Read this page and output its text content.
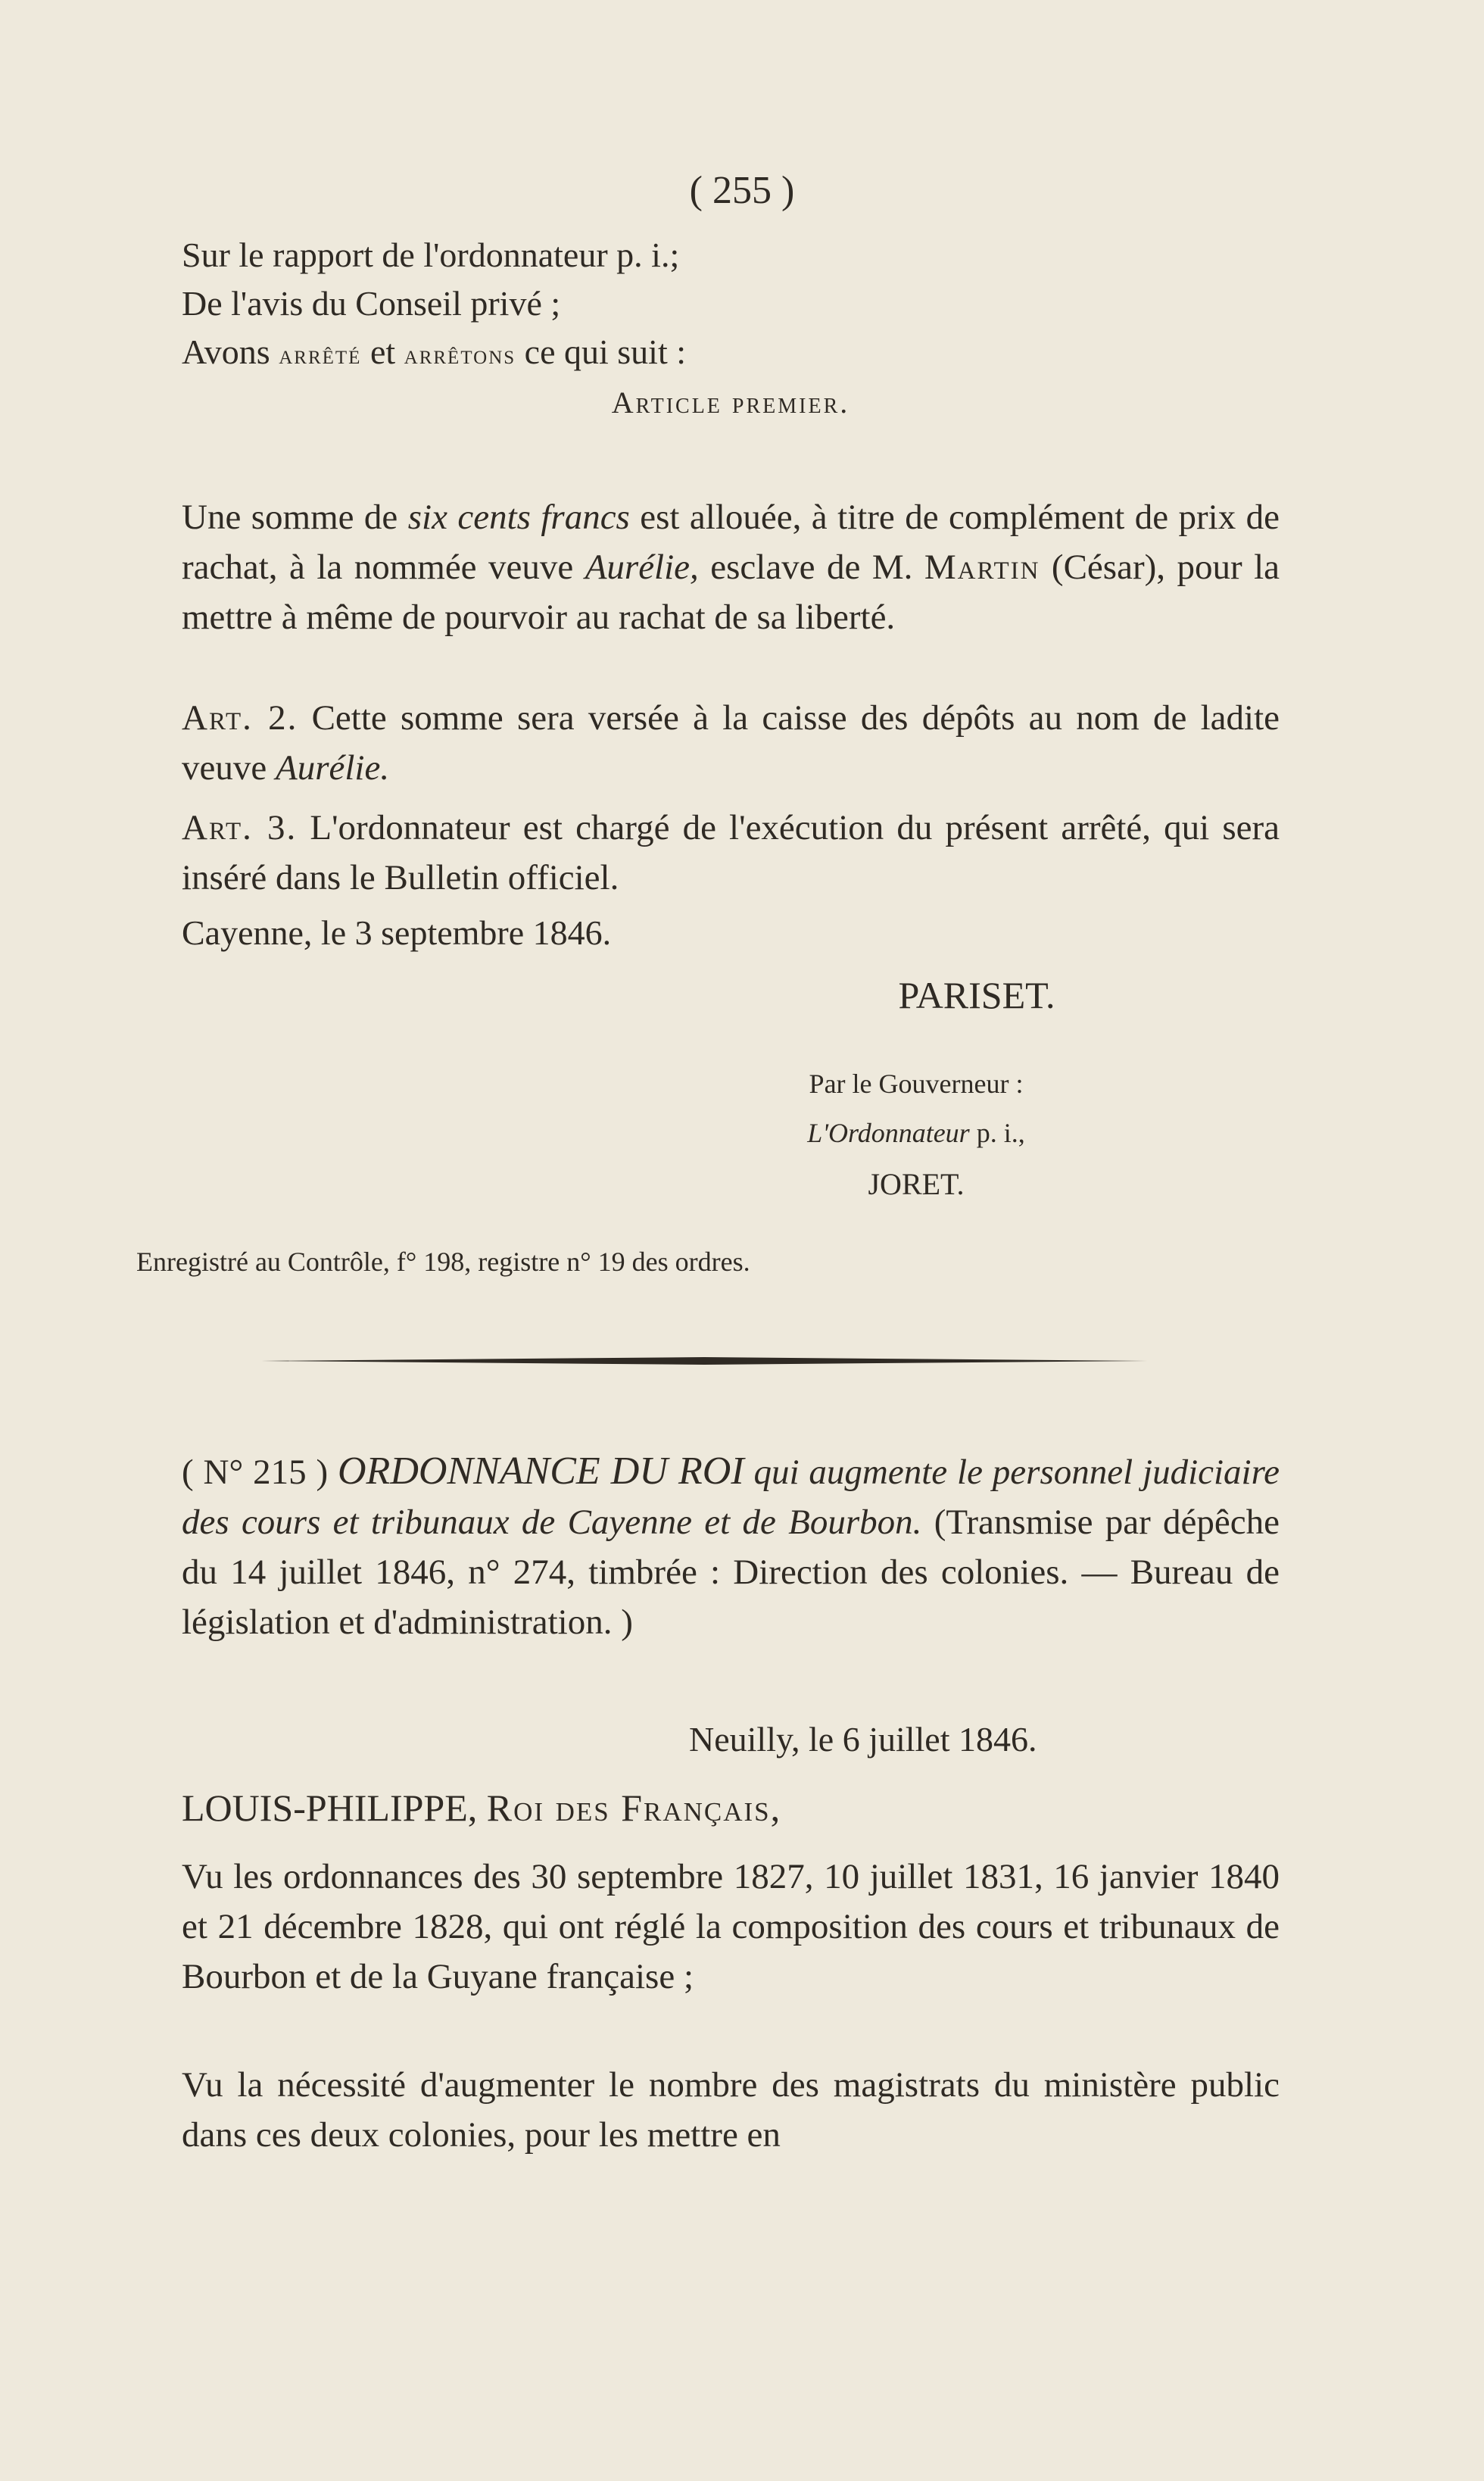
( 255 )

Sur le rapport de l'ordonnateur p. i.;

De l'avis du Conseil privé ;

Avons arrêté et arrêtons ce qui suit :

Article premier.

Une somme de six cents francs est allouée, à titre de complément de prix de rachat, à la nommée veuve Aurélie, esclave de M. Martin (César), pour la mettre à même de pourvoir au rachat de sa liberté.

Art. 2. Cette somme sera versée à la caisse des dépôts au nom de ladite veuve Aurélie.

Art. 3. L'ordonnateur est chargé de l'exécution du présent arrêté, qui sera inséré dans le Bulletin officiel.

Cayenne, le 3 septembre 1846.

PARISET.
Par le Gouverneur :
L'Ordonnateur p. i.,
JORET.
Enregistré au Contrôle, f° 198, registre n° 19 des ordres.

( N° 215 ) ORDONNANCE DU ROI qui augmente le personnel judiciaire des cours et tribunaux de Cayenne et de Bourbon. (Transmise par dépêche du 14 juillet 1846, n° 274, timbrée : Direction des colonies. — Bureau de législation et d'administration. )

Neuilly, le 6 juillet 1846.

LOUIS-PHILIPPE, Roi des Français,

Vu les ordonnances des 30 septembre 1827, 10 juillet 1831, 16 janvier 1840 et 21 décembre 1828, qui ont réglé la composition des cours et tribunaux de Bourbon et de la Guyane française ;

Vu la nécessité d'augmenter le nombre des magistrats du ministère public dans ces deux colonies, pour les mettre en
